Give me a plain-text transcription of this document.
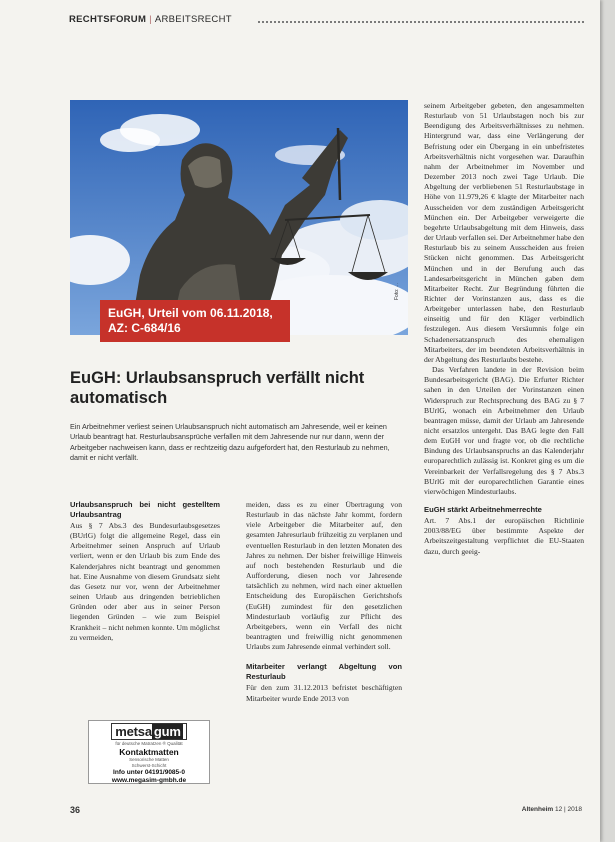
RECHTSFORUM | ARBEITSRECHT
EuGH, Urteil vom 06.11.2018,
AZ: C-684/16
Foto: ...
EuGH: Urlaubsanspruch verfällt nicht automatisch

Ein Arbeitnehmer verliest seinen Urlaubsanspruch nicht automatisch am Jahresende, weil er keinen Urlaub beantragt hat. Resturlaubsansprüche verfallen mit dem Jahresende nur nur dann, wenn der Arbeitgeber nachweisen kann, dass er rechtzeitig dazu aufgefordert hat, den Resturlaub zu nehmen, damit er nicht verfällt.

Urlaubsanspruch bei nicht gestelltem Urlaubsantrag

Aus § 7 Abs.3 des Bundesurlaubsgesetzes (BUrlG) folgt die allgemeine Regel, dass ein Arbeitnehmer seinen Anspruch auf Urlaub verliert, wenn er den Urlaub bis zum Ende des Kalenderjahres nicht beantragt und genommen hat. Eine Ausnahme von diesem Grundsatz sieht das Gesetz nur vor, wenn der Arbeitnehmer seinen Urlaub aus dringenden betrieblichen Gründen oder aber aus in seiner Person liegenden Gründen – wie zum Beispiel Krankheit – nicht nehmen konnte. Um möglichst zu vermeiden,

metsa gum
für deutsche Matratzen ® Qualität
Kontaktmatten
Sensorische Matten
Schwerst-Schicht
Info unter 04191/9085-0
www.megasim-gmbh.de

meiden, dass es zu einer Übertragung von Resturlaub in das nächste Jahr kommt, fordern viele Arbeitgeber die Mitarbeiter auf, den gesamten Jahresurlaub frühzeitig zu verplanen und eventuellen Resturlaub in den letzten Monaten des Jahres zu nehmen. Der bisher freiwillige Hinweis auf noch bestehenden Resturlaub und die Aufforderung, diesen noch vor Jahresende tatsächlich zu nehmen, wird nach einer aktuellen Entscheidung des Europäischen Gerichtshofs (EuGH) zumindest für den gesetzlichen Mindesturlaub vorläufig zur Pflicht des Arbeitgebers, wenn ein Verfall des nicht beantragten und freiwillig nicht genommenen Urlaubs zum Jahresende einmal verhindert soll.

Mitarbeiter verlangt Abgeltung von Resturlaub

Für den zum 31.12.2013 befristet beschäftigten Mitarbeiter wurde Ende 2013 von

seinem Arbeitgeber gebeten, den angesammelten Resturlaub von 51 Urlaubstagen noch bis zur Beendigung des Arbeitsverhältnisses zu nehmen. Hintergrund war, dass eine Verlängerung der Befristung oder ein Übergang in ein unbefristetes Arbeitsverhältnis nicht vorgesehen war. Daraufhin nahm der Arbeitnehmer im November und Dezember 2013 noch zwei Tage Urlaub. Die Abgeltung der verbliebenen 51 Resturlaubstage in Höhe von 11.979,26 € klagte der Mitarbeiter nach Ausscheiden vor dem zuständigen Arbeitsgericht München ein. Der Arbeitgeber verweigerte die begehrte Urlaubsabgeltung mit dem Hinweis, dass der Urlaub verfallen sei. Der Arbeitnehmer habe den Resturlaub bis zu seinem Ausscheiden aus freien Stücken nicht genommen. Das Arbeitsgericht München und in der Berufung auch das Landesarbeitsgericht in München gaben dem Mitarbeiter Recht. Zur Begründung führten die Richter der Vorinstanzen aus, dass es die Arbeitgeber unterlassen habe, den Resturlaub einseitig und für den Kläger verbindlich festzulegen. Aus diesem Versäumnis folge ein Schadenersatzanspruch des ehemaligen Mitarbeiters, der im beendeten Arbeitsverhältnis in der Abgeltung des Resturlaubs bestehe.

Das Verfahren landete in der Revision beim Bundesarbeitsgericht (BAG). Die Erfurter Richter sahen in den Urteilen der Vorinstanzen einen Widerspruch zur Rechtsprechung des BAG zu § 7 BUrlG, wonach ein Arbeitnehmer den Urlaub beantragen müsse, damit der Urlaub am Jahresende nicht ersatzlos untergeht. Das BAG legte den Fall dem EuGH vor und fragte vor, ob die rechtliche Bindung des Urlaubsanspruchs an das Kalenderjahr europarechtlich zulässig ist. Konkret ging es um die Vereinbarkeit der Verfallsregelung des § 7 Abs.3 BUrlG mit der europarechtlichen Garantie eines vierwöchigen Mindesturlaubs.

EuGH stärkt Arbeitnehmerrechte

Art. 7 Abs.1 der europäischen Richtlinie 2003/88/EG über bestimmte Aspekte der Arbeitszeitgestaltung verpflichtet die EU-Staaten dazu, durch geeig-

36	Altenheim 12 | 2018
